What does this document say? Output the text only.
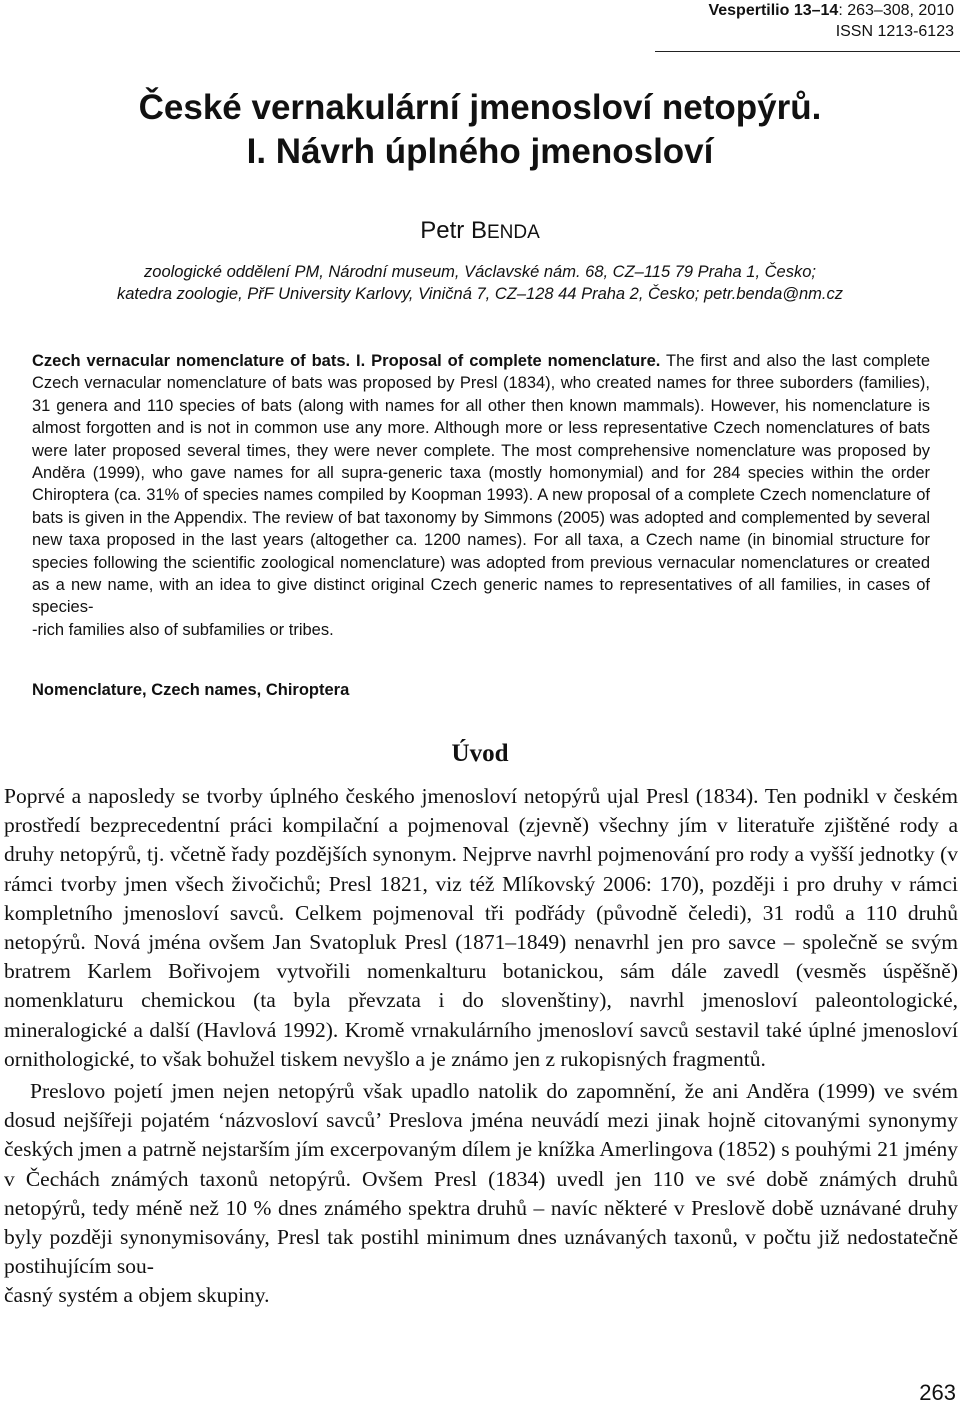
Vespertilio 13–14: 263–308, 2010
ISSN 1213-6123
České vernakulární jmenosloví netopýrů.
I. Návrh úplného jmenosloví
Petr BENDA
zoologické oddělení PM, Národní museum, Václavské nám. 68, CZ–115 79 Praha 1, Česko;
katedra zoologie, PřF University Karlovy, Viničná 7, CZ–128 44 Praha 2, Česko; petr.benda@nm.cz
Czech vernacular nomenclature of bats. I. Proposal of complete nomenclature. The first and also the last complete Czech vernacular nomenclature of bats was proposed by Presl (1834), who created names for three suborders (families), 31 genera and 110 species of bats (along with names for all other then known mammals). However, his nomenclature is almost forgotten and is not in common use any more. Although more or less representative Czech nomenclatures of bats were later proposed several times, they were never complete. The most comprehensive nomenclature was proposed by Anděra (1999), who gave names for all supra-generic taxa (mostly homonymial) and for 284 species within the order Chiroptera (ca. 31% of species names compiled by Koopman 1993). A new proposal of a complete Czech nomenclature of bats is given in the Appendix. The review of bat taxonomy by Simmons (2005) was adopted and complemented by several new taxa proposed in the last years (altogether ca. 1200 names). For all taxa, a Czech name (in binomial structure for species following the scientific zoological nomenclature) was adopted from previous vernacular nomenclatures or created as a new name, with an idea to give distinct original Czech generic names to representatives of all families, in cases of species-
-rich families also of subfamilies or tribes.
Nomenclature, Czech names, Chiroptera
Úvod

Poprvé a naposledy se tvorby úplného českého jmenosloví netopýrů ujal Presl (1834). Ten podnikl v českém prostředí bezprecedentní práci kompilační a pojmenoval (zjevně) všechny jím v literatuře zjištěné rody a druhy netopýrů, tj. včetně řady pozdějších synonym. Nejprve navrhl pojmenování pro rody a vyšší jednotky (v rámci tvorby jmen všech živočichů; Presl 1821, viz též Mlíkovský 2006: 170), později i pro druhy v rámci kompletního jmenosloví savců. Celkem pojmenoval tři podřády (původně čeledi), 31 rodů a 110 druhů netopýrů. Nová jména ovšem Jan Svatopluk Presl (1871–1849) nenavrhl jen pro savce – společně se svým bratrem Karlem Bořivojem vytvořili nomenkalturu botanickou, sám dále zavedl (vesměs úspěšně) nomenklaturu chemickou (ta byla převzata i do slovenštiny), navrhl jmenosloví paleontologické, mineralogické a další (Havlová 1992). Kromě vrnakulárního jmenosloví savců sestavil také úplné jmenosloví ornithologické, to však bohužel tiskem nevyšlo a je známo jen z rukopisných fragmentů.

Preslovo pojetí jmen nejen netopýrů však upadlo natolik do zapomnění, že ani Anděra (1999) ve svém dosud nejšířeji pojatém ‘názvosloví savců’ Preslova jména neuvádí mezi jinak hojně citovanými synonymy českých jmen a patrně nejstarším jím excerpovaným dílem je knížka Amerlingova (1852) s pouhými 21 jmény v Čechách známých taxonů netopýrů. Ovšem Presl (1834) uvedl jen 110 ve své době známých druhů netopýrů, tedy méně než 10 % dnes známého spektra druhů – navíc některé v Preslově době uznávané druhy byly později synonymisovány, Presl tak postihl minimum dnes uznávaných taxonů, v počtu již nedostatečně postihujícím sou-
časný systém a objem skupiny.

263
